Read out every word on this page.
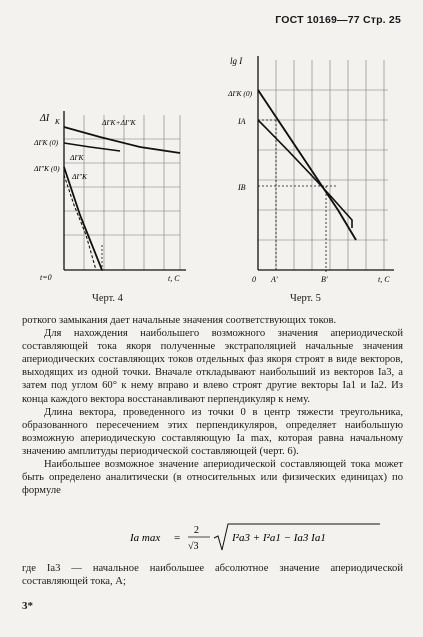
ГОСТ 10169—77 Стр. 25
ΔI K	ΔI′K+ΔI″K
ΔI′K (0)
ΔI′K
ΔI″K (0)
ΔI″K
t=0	t, C
Черт. 4
lg I
ΔI′K (0)
IA
IB
0 A′	B′	t, C
Черт. 5

роткого замыкания дает начальные значения соответствующих токов.

Для нахождения наибольшего возможного значения апериодической составляющей тока якоря полученные экстраполяцией начальные значения апериодических составляющих токов отдельных фаз якоря строят в виде векторов, выходящих из одной точки. Вначале откладывают наибольший из векторов Ia3, а затем под углом 60° к нему вправо и влево строят другие векторы Ia1 и Ia2. Из конца каждого вектора восстанавливают перпендикуляр к нему.

Длина вектора, проведенного из точки 0 в центр тяжести треугольника, образованного пересечением этих перпендикуляров, определяет наибольшую возможную апериодическую составляющую Ia max, которая равна начальному значению амплитуды периодической составляющей (черт. 6).

Наибольшее возможное значение апериодической составляющей тока может быть определено аналитически (в относительных или физических единицах) по формуле

Ia max =
2
√3
I²a3 + I²a1 − Ia3 Ia1

где Ia3 — начальное наибольшее абсолютное значение апериодической составляющей тока, А;

3*
